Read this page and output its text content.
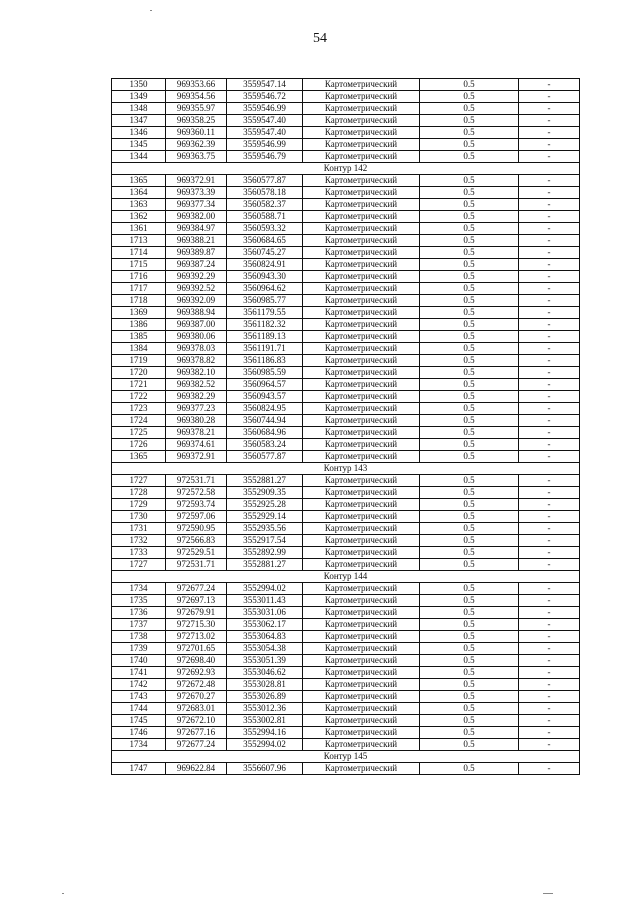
54
1350	969353.66	3559547.14	Картометрический	0.5	-
1349	969354.56	3559546.72	Картометрический	0.5	-
1348	969355.97	3559546.99	Картометрический	0.5	-
1347	969358.25	3559547.40	Картометрический	0.5	-
1346	969360.11	3559547.40	Картометрический	0.5	-
1345	969362.39	3559546.99	Картометрический	0.5	-
1344	969363.75	3559546.79	Картометрический	0.5	-
Контур 142					
1365	969372.91	3560577.87	Картометрический	0.5	-
1364	969373.39	3560578.18	Картометрический	0.5	-
1363	969377.34	3560582.37	Картометрический	0.5	-
1362	969382.00	3560588.71	Картометрический	0.5	-
1361	969384.97	3560593.32	Картометрический	0.5	-
1713	969388.21	3560684.65	Картометрический	0.5	-
1714	969389.87	3560745.27	Картометрический	0.5	-
1715	969387.24	3560824.91	Картометрический	0.5	-
1716	969392.29	3560943.30	Картометрический	0.5	-
1717	969392.52	3560964.62	Картометрический	0.5	-
1718	969392.09	3560985.77	Картометрический	0.5	-
1369	969388.94	3561179.55	Картометрический	0.5	-
1386	969387.00	3561182.32	Картометрический	0.5	-
1385	969380.06	3561189.13	Картометрический	0.5	-
1384	969378.03	3561191.71	Картометрический	0.5	-
1719	969378.82	3561186.83	Картометрический	0.5	-
1720	969382.10	3560985.59	Картометрический	0.5	-
1721	969382.52	3560964.57	Картометрический	0.5	-
1722	969382.29	3560943.57	Картометрический	0.5	-
1723	969377.23	3560824.95	Картометрический	0.5	-
1724	969380.28	3560744.94	Картометрический	0.5	-
1725	969378.21	3560684.96	Картометрический	0.5	-
1726	969374.61	3560583.24	Картометрический	0.5	-
1365	969372.91	3560577.87	Картометрический	0.5	-
Контур 143					
1727	972531.71	3552881.27	Картометрический	0.5	-
1728	972572.58	3552909.35	Картометрический	0.5	-
1729	972593.74	3552925.28	Картометрический	0.5	-
1730	972597.06	3552929.14	Картометрический	0.5	-
1731	972590.95	3552935.56	Картометрический	0.5	-
1732	972566.83	3552917.54	Картометрический	0.5	-
1733	972529.51	3552892.99	Картометрический	0.5	-
1727	972531.71	3552881.27	Картометрический	0.5	-
Контур 144					
1734	972677.24	3552994.02	Картометрический	0.5	-
1735	972697.13	3553011.43	Картометрический	0.5	-
1736	972679.91	3553031.06	Картометрический	0.5	-
1737	972715.30	3553062.17	Картометрический	0.5	-
1738	972713.02	3553064.83	Картометрический	0.5	-
1739	972701.65	3553054.38	Картометрический	0.5	-
1740	972698.40	3553051.39	Картометрический	0.5	-
1741	972692.93	3553046.62	Картометрический	0.5	-
1742	972672.48	3553028.81	Картометрический	0.5	-
1743	972670.27	3553026.89	Картометрический	0.5	-
1744	972683.01	3553012.36	Картометрический	0.5	-
1745	972672.10	3553002.81	Картометрический	0.5	-
1746	972677.16	3552994.16	Картометрический	0.5	-
1734	972677.24	3552994.02	Картометрический	0.5	-
Контур 145					
1747	969622.84	3556607.96	Картометрический	0.5	-
